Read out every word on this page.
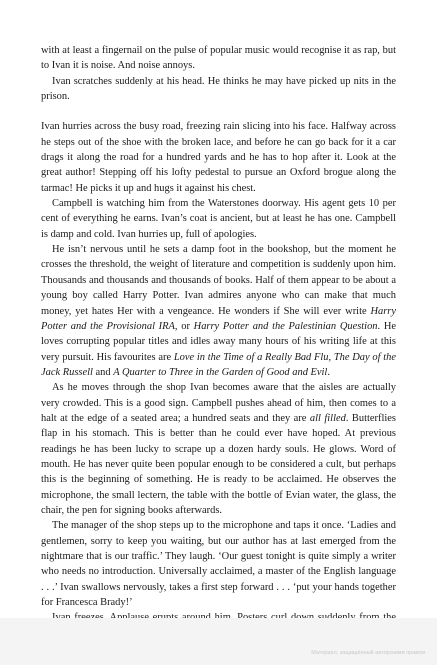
with at least a fingernail on the pulse of popular music would recognise it as rap, but to Ivan it is noise. And noise annoys.

Ivan scratches suddenly at his head. He thinks he may have picked up nits in the prison.

Ivan hurries across the busy road, freezing rain slicing into his face. Halfway across he steps out of the shoe with the broken lace, and before he can go back for it a car drags it along the road for a hundred yards and he has to hop after it. Look at the great author! Stepping off his lofty pedestal to pursue an Oxford brogue along the tarmac! He picks it up and hugs it against his chest.

Campbell is watching him from the Waterstones doorway. His agent gets 10 per cent of everything he earns. Ivan’s coat is ancient, but at least he has one. Campbell is damp and cold. Ivan hurries up, full of apologies.

He isn’t nervous until he sets a damp foot in the bookshop, but the moment he crosses the threshold, the weight of literature and competition is suddenly upon him. Thousands and thousands and thousands of books. Half of them appear to be about a young boy called Harry Potter. Ivan admires anyone who can make that much money, yet hates Her with a vengeance. He wonders if She will ever write Harry Potter and the Provisional IRA, or Harry Potter and the Palestinian Question. He loves corrupting popular titles and idles away many hours of his writing life at this very pursuit. His favourites are Love in the Time of a Really Bad Flu, The Day of the Jack Russell and A Quarter to Three in the Garden of Good and Evil.

As he moves through the shop Ivan becomes aware that the aisles are actually very crowded. This is a good sign. Campbell pushes ahead of him, then comes to a halt at the edge of a seated area; a hundred seats and they are all filled. Butterflies flap in his stomach. This is better than he could ever have hoped. At previous readings he has been lucky to scrape up a dozen hardy souls. He glows. Word of mouth. He has never quite been popular enough to be considered a cult, but perhaps this is the beginning of something. He is ready to be acclaimed. He observes the microphone, the small lectern, the table with the bottle of Evian water, the glass, the chair, the pen for signing books afterwards.

The manager of the shop steps up to the microphone and taps it once. ‘Ladies and gentlemen, sorry to keep you waiting, but our author has at last emerged from the nightmare that is our traffic.’ They laugh. ‘Our guest tonight is quite simply a writer who needs no introduction. Universally acclaimed, a master of the English language . . .’ Ivan swallows nervously, takes a first step forward . . . ‘put your hands together for Francesca Brady!’

Материал, защищённый авторскими правом
